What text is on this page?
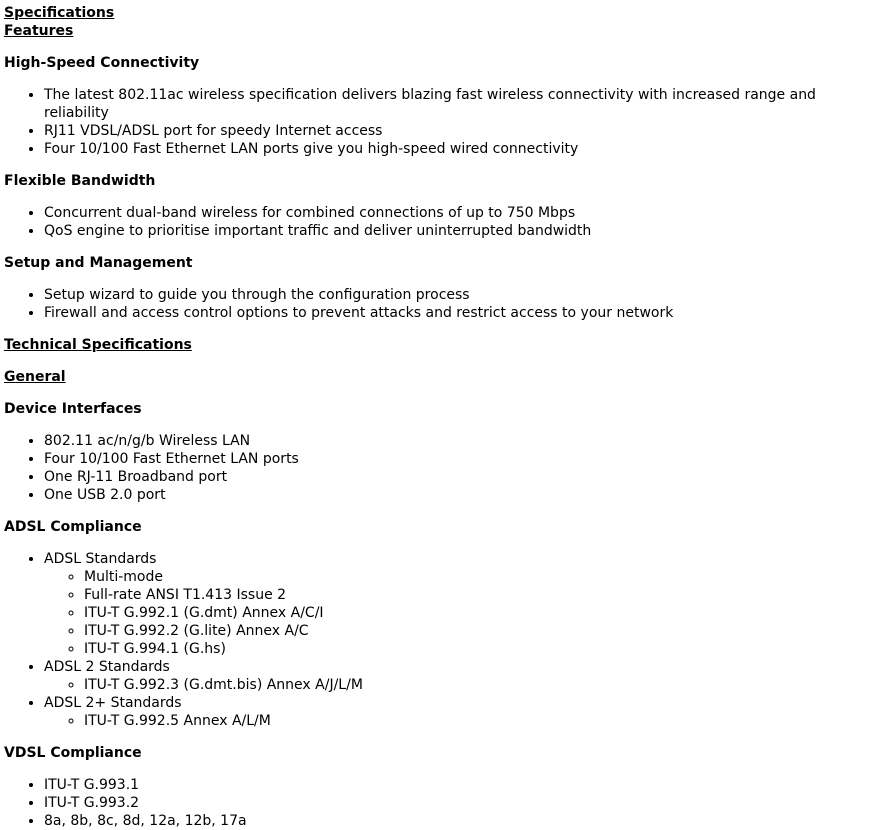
Specifications
Features
High-Speed Connectivity
• The latest 802.11ac wireless specification delivers blazing fast wireless connectivity with increased range and reliability
• RJ11 VDSL/ADSL port for speedy Internet access
• Four 10/100 Fast Ethernet LAN ports give you high-speed wired connectivity
Flexible Bandwidth
• Concurrent dual-band wireless for combined connections of up to 750 Mbps
• QoS engine to prioritise important traffic and deliver uninterrupted bandwidth
Setup and Management
• Setup wizard to guide you through the configuration process
• Firewall and access control options to prevent attacks and restrict access to your network
Technical Specifications
General
Device Interfaces
• 802.11 ac/n/g/b Wireless LAN
• Four 10/100 Fast Ethernet LAN ports
• One RJ-11 Broadband port
• One USB 2.0 port
ADSL Compliance
• ADSL Standards
◦ Multi-mode
◦ Full-rate ANSI T1.413 Issue 2
◦ ITU-T G.992.1 (G.dmt) Annex A/C/I
◦ ITU-T G.992.2 (G.lite) Annex A/C
◦ ITU-T G.994.1 (G.hs)
• ADSL 2 Standards
◦ ITU-T G.992.3 (G.dmt.bis) Annex A/J/L/M
• ADSL 2+ Standards
◦ ITU-T G.992.5 Annex A/L/M
VDSL Compliance
• ITU-T G.993.1
• ITU-T G.993.2
• 8a, 8b, 8c, 8d, 12a, 12b, 17a
